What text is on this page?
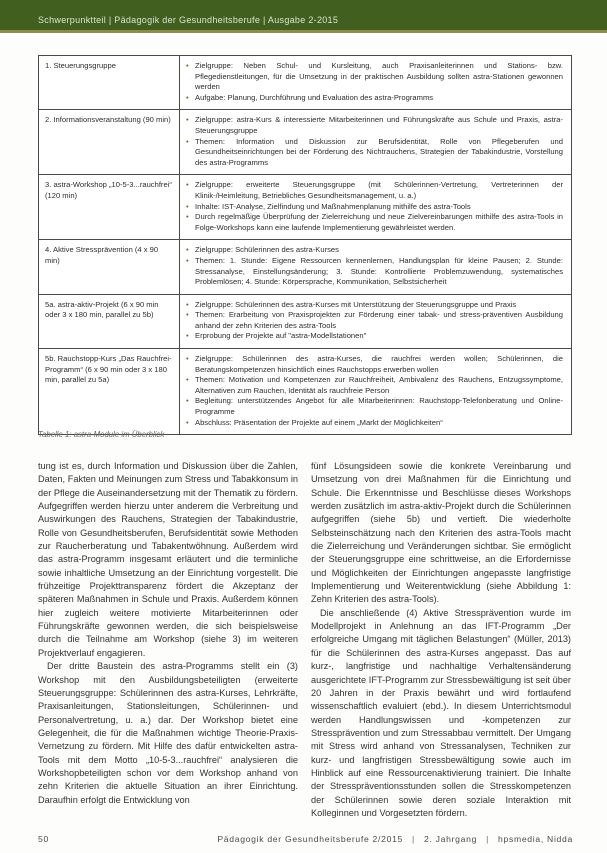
Schwerpunktteil | Pädagogik der Gesundheitsberufe | Ausgabe 2-2015
1. Steuerungsgruppe	• Zielgruppe: Neben Schul- und Kursleitung, auch Praxisanleiterinnen und Stations- bzw. Pflegedienstleitungen, für die Umsetzung in der praktischen Ausbildung sollten astra-Stationen gewonnen werden
• Aufgabe: Planung, Durchführung und Evaluation des astra-Programms
2. Informationsveranstaltung (90 min)	• Zielgruppe: astra-Kurs & interessierte Mitarbeiterinnen und Führungskräfte aus Schule und Praxis, astra-Steuerungsgruppe
• Themen: Information und Diskussion zur Berufsidentität, Rolle von Pflegeberufen und Gesundheitseinrichtungen bei der Förderung des Nichtrauchens, Strategien der Tabakindustrie, Vorstellung des astra-Programms
3. astra-Workshop „10-5-3...rauchfrei“ (120 min)
• Zielgruppe: erweiterte Steuerungsgruppe (mit Schülerinnen-Vertretung, Vertreterinnen der Klinik-/Heimleitung, Betriebliches Gesundheitsmanagement, u. a.)
• Inhalte: IST-Analyse, Zielfindung und Maßnahmenplanung mithilfe des astra-Tools
• Durch regelmäßige Überprüfung der Zielerreichung und neue Zielvereinbarungen mithilfe des astra-Tools in Folge-Workshops kann eine laufende Implementierung gewährleistet werden.
4. Aktive Stressprävention (4 x 90 min)
• Zielgruppe: Schülerinnen des astra-Kurses
• Themen: 1. Stunde: Eigene Ressourcen kennenlernen, Handlungsplan für kleine Pausen; 2. Stunde: Stressanalyse, Einstellungsänderung; 3. Stunde: Kontrollierte Problemzuwendung, systematisches Problemlösen; 4. Stunde: Körpersprache, Kommunikation, Selbstsicherheit
5a. astra-aktiv-Projekt (6 x 90 min oder 3 x 180 min, parallel zu 5b)
• Zielgruppe: Schülerinnen des astra-Kurses mit Unterstützung der Steuerungsgruppe und Praxis
• Themen: Erarbeitung von Praxisprojekten zur Förderung einer tabak- und stress-präventiven Ausbildung anhand der zehn Kriterien des astra-Tools
• Erprobung der Projekte auf "astra-Modellstationen"
5b. Rauchstopp-Kurs „Das Rauchfrei-Programm“ (6 x 90 min oder 3 x 180 min, parallel zu 5a)
• Zielgruppe: Schülerinnen des astra-Kurses, die rauchfrei werden wollen; Schülerinnen, die Beratungskompetenzen hinsichtlich eines Rauchstopps erwerben wollen
• Themen: Motivation und Kompetenzen zur Rauchfreiheit, Ambivalenz des Rauchens, Entzugssymptome, Alternativen zum Rauchen, Identität als rauchfreie Person
• Begleitung: unterstützendes Angebot für alle Mitarbeiterinnen: Rauchstopp-Telefonberatung und Online-Programme
• Abschluss: Präsentation der Projekte auf einem „Markt der Möglichkeiten“
Tabelle 1: astra-Module im Überblick

tung ist es, durch Information und Diskussion über die Zahlen, Daten, Fakten und Meinungen zum Stress und Tabakkonsum in der Pflege die Auseinandersetzung mit der Thematik zu fördern. Aufgegriffen werden hierzu unter anderem die Verbreitung und Auswirkungen des Rauchens, Strategien der Tabakindustrie, Rolle von Gesundheitsberufen, Berufsidentität sowie Methoden zur Raucherberatung und Tabakentwöhnung. Außerdem wird das astra-Programm insgesamt erläutert und die terminliche sowie inhaltliche Umsetzung an der Einrichtung vorgestellt. Die frühzeitige Projekttransparenz fördert die Akzeptanz der späteren Maßnahmen in Schule und Praxis. Außerdem können hier zugleich weitere motivierte Mitarbeiterinnen oder Führungskräfte gewonnen werden, die sich beispielsweise durch die Teilnahme am Workshop (siehe 3) im weiteren Projektverlauf engagieren.

Der dritte Baustein des astra-Programms stellt ein (3) Workshop mit den Ausbildungsbeteiligten (erweiterte Steuerungsgruppe: Schülerinnen des astra-Kurses, Lehrkräfte, Praxisanleitungen, Stationsleitungen, Schülerinnen- und Personalvertretung, u. a.) dar. Der Workshop bietet eine Gelegenheit, die für die Maßnahmen wichtige Theorie-Praxis-Vernetzung zu fördern. Mit Hilfe des dafür entwickelten astra-Tools mit dem Motto „10-5-3...rauchfrei“ analysieren die Workshopbeteiligten schon vor dem Workshop anhand von zehn Kriterien die aktuelle Situation an ihrer Einrichtung. Daraufhin erfolgt die Entwicklung von

fünf Lösungsideen sowie die konkrete Vereinbarung und Umsetzung von drei Maßnahmen für die Einrichtung und Schule. Die Erkenntnisse und Beschlüsse dieses Workshops werden zusätzlich im astra-aktiv-Projekt durch die Schülerinnen aufgegriffen (siehe 5b) und vertieft. Die wiederholte Selbsteinschätzung nach den Kriterien des astra-Tools macht die Zielerreichung und Veränderungen sichtbar. Sie ermöglicht der Steuerungsgruppe eine schrittweise, an die Erfordernisse und Möglichkeiten der Einrichtungen angepasste langfristige Implementierung und Weiterentwicklung (siehe Abbildung 1: Zehn Kriterien des astra-Tools).

Die anschließende (4) Aktive Stressprävention wurde im Modellprojekt in Anlehnung an das IFT-Programm „Der erfolgreiche Umgang mit täglichen Belastungen“ (Müller, 2013) für die Schülerinnen des astra-Kurses angepasst. Das auf kurz-, langfristige und nachhaltige Verhaltensänderung ausgerichtete IFT-Programm zur Stressbewältigung ist seit über 20 Jahren in der Praxis bewährt und wird fortlaufend wissenschaftlich evaluiert (ebd.). In diesem Unterrichtsmodul werden Handlungswissen und -kompetenzen zur Stressprävention und zum Stressabbau vermittelt. Der Umgang mit Stress wird anhand von Stressanalysen, Techniken zur kurz- und langfristigen Stressbewältigung sowie auch im Hinblick auf eine Ressourcenaktivierung trainiert. Die Inhalte der Stresspräventionsstunden sollen die Stresskompetenzen der Schülerinnen sowie deren soziale Interaktion mit Kolleginnen und Vorgesetzten fördern.

50	Pädagogik der Gesundheitsberufe 2/2015	|	2. Jahrgang	|	hpsmedia, Nidda
